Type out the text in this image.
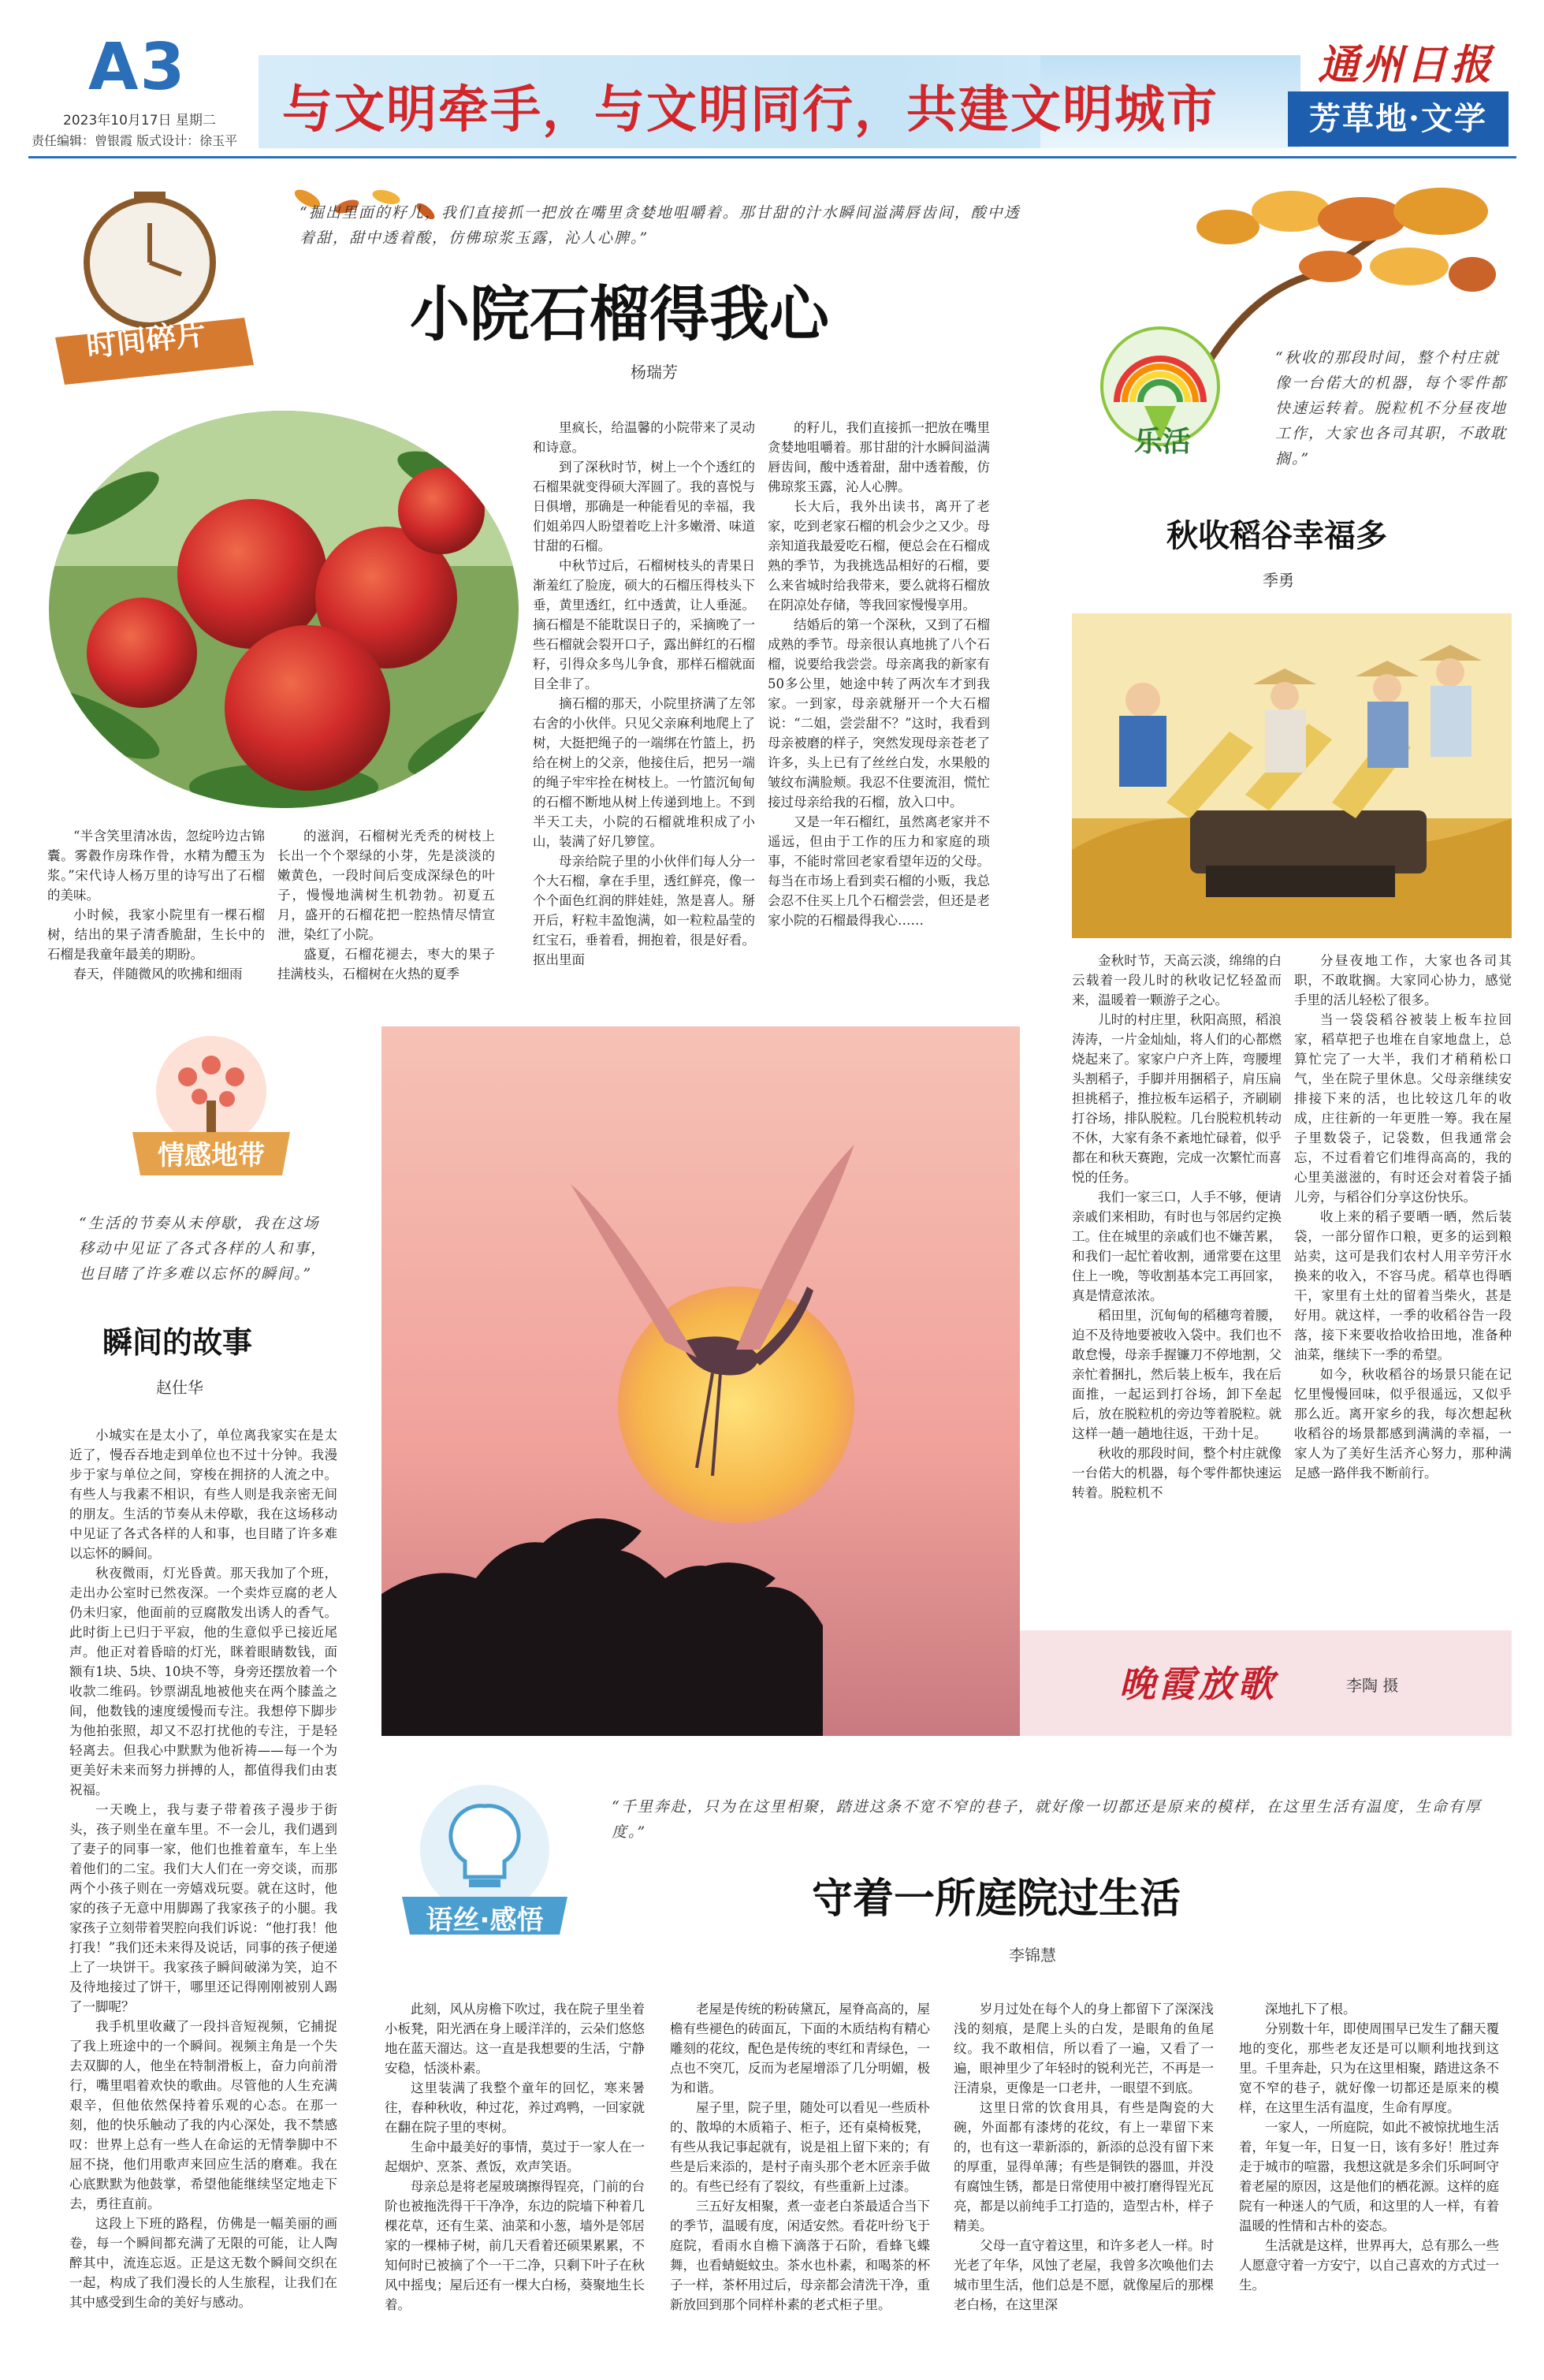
A3
2023年10月17日 星期二
责任编辑：曾银霞 版式设计：徐玉平
与文明牵手，与文明同行，共建文明城市
通州日报
芳草地·文学
时间碎片
“掘出里面的籽儿，我们直接抓一把放在嘴里贪婪地咀嚼着。那甘甜的汁水瞬间溢满唇齿间，酸中透着甜，甜中透着酸，仿佛琼浆玉露，沁人心脾。”
小院石榴得我心
杨瑞芳

“半含笑里清冰齿，忽绽吟边古锦囊。雾縠作房珠作骨，水精为醴玉为浆。”宋代诗人杨万里的诗写出了石榴的美味。

小时候，我家小院里有一棵石榴树，结出的果子清香脆甜，生长中的石榴是我童年最美的期盼。

春天，伴随微风的吹拂和细雨

的滋润，石榴树光秃秃的树枝上长出一个个翠绿的小芽，先是淡淡的嫩黄色，一段时间后变成深绿色的叶子，慢慢地满树生机勃勃。初夏五月，盛开的石榴花把一腔热情尽情宣泄，染红了小院。

盛夏，石榴花褪去，枣大的果子挂满枝头，石榴树在火热的夏季

里疯长，给温馨的小院带来了灵动和诗意。

到了深秋时节，树上一个个透红的石榴果就变得硕大浑圆了。我的喜悦与日俱增，那确是一种能看见的幸福，我们姐弟四人盼望着吃上汁多嫩滑、味道甘甜的石榴。

中秋节过后，石榴树枝头的青果日渐羞红了脸庞，硕大的石榴压得枝头下垂，黄里透红，红中透黄，让人垂涎。摘石榴是不能耽误日子的，采摘晚了一些石榴就会裂开口子，露出鲜红的石榴籽，引得众多鸟儿争食，那样石榴就面目全非了。

摘石榴的那天，小院里挤满了左邻右舍的小伙伴。只见父亲麻利地爬上了树，大挺把绳子的一端绑在竹篮上，扔给在树上的父亲，他接住后，把另一端的绳子牢牢拴在树枝上。一竹篮沉甸甸的石榴不断地从树上传递到地上。不到半天工夫，小院的石榴就堆积成了小山，装满了好几箩筐。

母亲给院子里的小伙伴们每人分一个大石榴，拿在手里，透红鲜亮，像一个个面色红润的胖娃娃，煞是喜人。掰开后，籽粒丰盈饱满，如一粒粒晶莹的红宝石，垂着看，拥抱着，很是好看。抠出里面

的籽儿，我们直接抓一把放在嘴里贪婪地咀嚼着。那甘甜的汁水瞬间溢满唇齿间，酸中透着甜，甜中透着酸，仿佛琼浆玉露，沁人心脾。

长大后，我外出读书，离开了老家，吃到老家石榴的机会少之又少。母亲知道我最爱吃石榴，便总会在石榴成熟的季节，为我挑选品相好的石榴，要么来省城时给我带来，要么就将石榴放在阴凉处存储，等我回家慢慢享用。

结婚后的第一个深秋，又到了石榴成熟的季节。母亲很认真地挑了八个石榴，说要给我尝尝。母亲离我的新家有50多公里，她途中转了两次车才到我家。一到家，母亲就掰开一个大石榴说：“二姐，尝尝甜不？”这时，我看到母亲被磨的样子，突然发现母亲苍老了许多，头上已有了丝丝白发，水果般的皱纹布满脸颊。我忍不住要流泪，慌忙接过母亲给我的石榴，放入口中。

又是一年石榴红，虽然离老家并不遥远，但由于工作的压力和家庭的琐事，不能时常回老家看望年迈的父母。每当在市场上看到卖石榴的小贩，我总会忍不住买上几个石榴尝尝，但还是老家小院的石榴最得我心……

乐活
“秋收的那段时间，整个村庄就像一台偌大的机器，每个零件都快速运转着。脱粒机不分昼夜地工作，大家也各司其职，不敢耽搁。”
秋收稻谷幸福多
季勇

金秋时节，天高云淡，绵绵的白云载着一段儿时的秋收记忆轻盈而来，温暖着一颗游子之心。

儿时的村庄里，秋阳高照，稻浪涛涛，一片金灿灿，将人们的心都燃烧起来了。家家户户齐上阵，弯腰埋头割稻子，手脚并用捆稻子，肩压扁担挑稻子，推拉板车运稻子，齐刷刷打谷场，排队脱粒。几台脱粒机转动不休，大家有条不紊地忙碌着，似乎都在和秋天赛跑，完成一次繁忙而喜悦的任务。

我们一家三口，人手不够，便请亲戚们来相助，有时也与邻居约定换工。住在城里的亲戚们也不嫌苦累，和我们一起忙着收割，通常要在这里住上一晚，等收割基本完工再回家，真是情意浓浓。

稻田里，沉甸甸的稻穗弯着腰，迫不及待地要被收入袋中。我们也不敢怠慢，母亲手握镰刀不停地割，父亲忙着捆扎，然后装上板车，我在后面推，一起运到打谷场，卸下垒起后，放在脱粒机的旁边等着脱粒。就这样一趟一趟地往返，干劲十足。

秋收的那段时间，整个村庄就像一台偌大的机器，每个零件都快速运转着。脱粒机不

分昼夜地工作，大家也各司其职，不敢耽搁。大家同心协力，感觉手里的活儿轻松了很多。

当一袋袋稻谷被装上板车拉回家，稻草把子也堆在自家地盘上，总算忙完了一大半，我们才稍稍松口气，坐在院子里休息。父母亲继续安排接下来的活，也比较这几年的收成，庄往新的一年更胜一筹。我在屋子里数袋子，记袋数，但我通常会忘，不过看着它们堆得高高的，我的心里美滋滋的，有时还会对着袋子插儿旁，与稻谷们分享这份快乐。

收上来的稻子要晒一晒，然后装袋，一部分留作口粮，更多的运到粮站卖，这可是我们农村人用辛劳汗水换来的收入，不容马虎。稻草也得晒干，家里有土灶的留着当柴火，甚是好用。就这样，一季的收稻谷告一段落，接下来要收拾收拾田地，准备种油菜，继续下一季的希望。

如今，秋收稻谷的场景只能在记忆里慢慢回味，似乎很遥远，又似乎那么近。离开家乡的我，每次想起秋收稻谷的场景都感到满满的幸福，一家人为了美好生活齐心努力，那种满足感一路伴我不断前行。

晚霞放歌	李陶 摄
情感地带
“生活的节奏从未停歇，我在这场移动中见证了各式各样的人和事，也目睹了许多难以忘怀的瞬间。”
瞬间的故事
赵仕华

小城实在是太小了，单位离我家实在是太近了，慢吞吞地走到单位也不过十分钟。我漫步于家与单位之间，穿梭在拥挤的人流之中。有些人与我素不相识，有些人则是我亲密无间的朋友。生活的节奏从未停歇，我在这场移动中见证了各式各样的人和事，也目睹了许多难以忘怀的瞬间。

秋夜微雨，灯光昏黄。那天我加了个班，走出办公室时已然夜深。一个卖炸豆腐的老人仍未归家，他面前的豆腐散发出诱人的香气。此时街上已归于平寂，他的生意似乎已接近尾声。他正对着昏暗的灯光，眯着眼睛数钱，面额有1块、5块、10块不等，身旁还摆放着一个收款二维码。钞票湖乱地被他夹在两个膝盖之间，他数钱的速度缓慢而专注。我想停下脚步为他拍张照，却又不忍打扰他的专注，于是轻轻离去。但我心中默默为他祈祷——每一个为更美好未来而努力拼搏的人，都值得我们由衷祝福。

一天晚上，我与妻子带着孩子漫步于街头，孩子则坐在童车里。不一会儿，我们遇到了妻子的同事一家，他们也推着童车，车上坐着他们的二宝。我们大人们在一旁交谈，而那两个小孩子则在一旁嬉戏玩耍。就在这时，他家的孩子无意中用脚踢了我家孩子的小腿。我家孩子立刻带着哭腔向我们诉说：“他打我！他打我！”我们还未来得及说话，同事的孩子便递上了一块饼干。我家孩子瞬间破涕为笑，迫不及待地接过了饼干，哪里还记得刚刚被别人踢了一脚呢？

我手机里收藏了一段抖音短视频，它捕捉了我上班途中的一个瞬间。视频主角是一个失去双脚的人，他坐在特制滑板上，奋力向前滑行，嘴里唱着欢快的歌曲。尽管他的人生充满艰辛，但他依然保持着乐观的心态。在那一刻，他的快乐触动了我的内心深处，我不禁感叹：世界上总有一些人在命运的无情拳脚中不屈不挠，他们用歌声来回应生活的磨难。我在心底默默为他鼓掌，希望他能继续坚定地走下去，勇往直前。

这段上下班的路程，仿佛是一幅美丽的画卷，每一个瞬间都充满了无限的可能，让人陶醉其中，流连忘返。正是这无数个瞬间交织在一起，构成了我们漫长的人生旅程，让我们在其中感受到生命的美好与感动。

语丝·感悟
“千里奔赴，只为在这里相聚，踏进这条不宽不窄的巷子，就好像一切都还是原来的模样，在这里生活有温度，生命有厚度。”
守着一所庭院过生活
李锦慧

此刻，风从房檐下吹过，我在院子里坐着小板凳，阳光洒在身上暖洋洋的，云朵们悠悠地在蓝天溜达。这一直是我想要的生活，宁静安稳，恬淡朴素。

这里装满了我整个童年的回忆，寒来暑往，春种秋收，种过花，养过鸡鸭，一回家就在翻在院子里的枣树。

生命中最美好的事情，莫过于一家人在一起烟炉、烹茶、煮饭，欢声笑语。

母亲总是将老屋玻璃擦得锃亮，门前的台阶也被拖洗得干干净净，东边的院墙下种着几棵花草，还有生菜、油菜和小葱，墙外是邻居家的一棵柿子树，前几天看着还硕果累累，不知何时已被摘了个一干二净，只剩下叶子在秋风中摇曳；屋后还有一棵大白杨，葵聚地生长着。

老屋是传统的粉砖黛瓦，屋脊高高的，屋檐有些褪色的砖面瓦，下面的木质结构有精心雕刻的花纹，配色是传统的枣红和青绿色，一点也不突兀，反而为老屋增添了几分明媚，极为和谐。

屋子里，院子里，随处可以看见一些质朴的、散埠的木质箱子、柜子，还有桌椅板凳，有些从我记事起就有，说是祖上留下来的；有些是后来添的，是村子南头那个老木匠亲手做的。有些已经有了裂纹，有些重新上过漆。

三五好友相聚，煮一壶老白茶最适合当下的季节，温暖有度，闲适安然。看花叶纷飞于庭院，看雨水自檐下滴落于石阶，看蜂飞蝶舞，也看蜻蜓蚊虫。茶水也朴素，和喝茶的杯子一样，茶杯用过后，母亲都会清洗干净，重新放回到那个同样朴素的老式柜子里。

岁月过处在每个人的身上都留下了深深浅浅的刻痕，是爬上头的白发，是眼角的鱼尾纹。我不敢相信，所以看了一遍，又看了一遍，眼神里少了年轻时的锐利光芒，不再是一汪清泉，更像是一口老井，一眼望不到底。

这里日常的饮食用具，有些是陶瓷的大碗，外面都有漆烤的花纹，有上一辈留下来的，也有这一辈新添的，新添的总没有留下来的厚重，显得单薄；有些是铜铁的器皿，并没有腐蚀生锈，都是日常使用中被打磨得锃光瓦亮，都是以前纯手工打造的，造型古朴，样子精美。

父母一直守着这里，和许多老人一样。时光老了年华，风蚀了老屋，我曾多次唤他们去城市里生活，他们总是不愿，就像屋后的那棵老白杨，在这里深

深地扎下了根。

分别数十年，即使周围早已发生了翻天覆地的变化，那些老友还是可以顺利地找到这里。千里奔赴，只为在这里相聚，踏进这条不宽不窄的巷子，就好像一切都还是原来的模样，在这里生活有温度，生命有厚度。

一家人，一所庭院，如此不被惊扰地生活着，年复一年，日复一日，该有多好！胜过奔走于城市的喧嚣，我想这就是多余们乐呵呵守着老屋的原因，这是他们的栖花源。这样的庭院有一种迷人的气质，和这里的人一样，有着温暖的性情和古朴的姿态。

生活就是这样，世界再大，总有那么一些人愿意守着一方安宁，以自己喜欢的方式过一生。
